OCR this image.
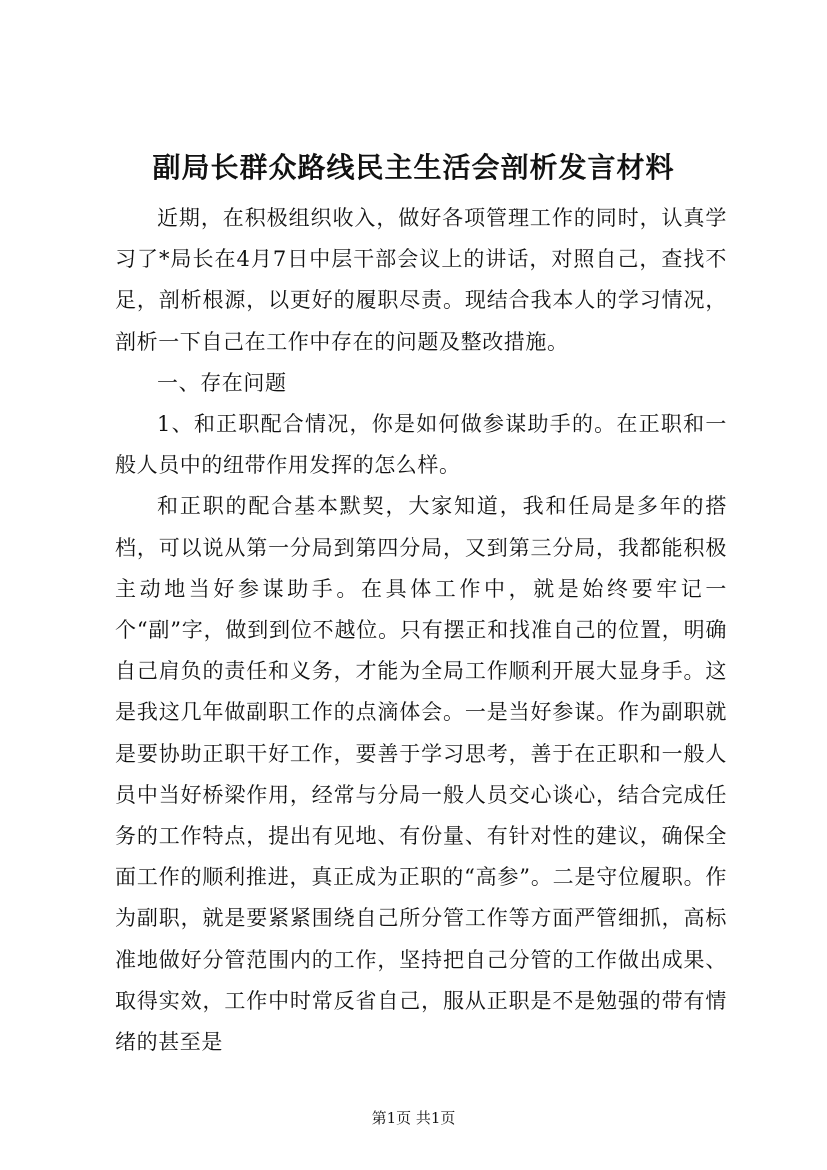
副局长群众路线民主生活会剖析发言材料

近期，在积极组织收入，做好各项管理工作的同时，认真学习了*局长在4月7日中层干部会议上的讲话，对照自己，查找不足，剖析根源，以更好的履职尽责。现结合我本人的学习情况，剖析一下自己在工作中存在的问题及整改措施。

一、存在问题

1、和正职配合情况，你是如何做参谋助手的。在正职和一般人员中的纽带作用发挥的怎么样。

和正职的配合基本默契，大家知道，我和任局是多年的搭档，可以说从第一分局到第四分局，又到第三分局，我都能积极主动地当好参谋助手。在具体工作中，就是始终要牢记一个“副”字，做到到位不越位。只有摆正和找准自己的位置，明确自己肩负的责任和义务，才能为全局工作顺利开展大显身手。这是我这几年做副职工作的点滴体会。一是当好参谋。作为副职就是要协助正职干好工作，要善于学习思考，善于在正职和一般人员中当好桥梁作用，经常与分局一般人员交心谈心，结合完成任务的工作特点，提出有见地、有份量、有针对性的建议，确保全面工作的顺利推进，真正成为正职的“高参”。二是守位履职。作为副职，就是要紧紧围绕自己所分管工作等方面严管细抓，高标准地做好分管范围内的工作，坚持把自己分管的工作做出成果、取得实效，工作中时常反省自己，服从正职是不是勉强的带有情绪的甚至是

第1页 共1页
